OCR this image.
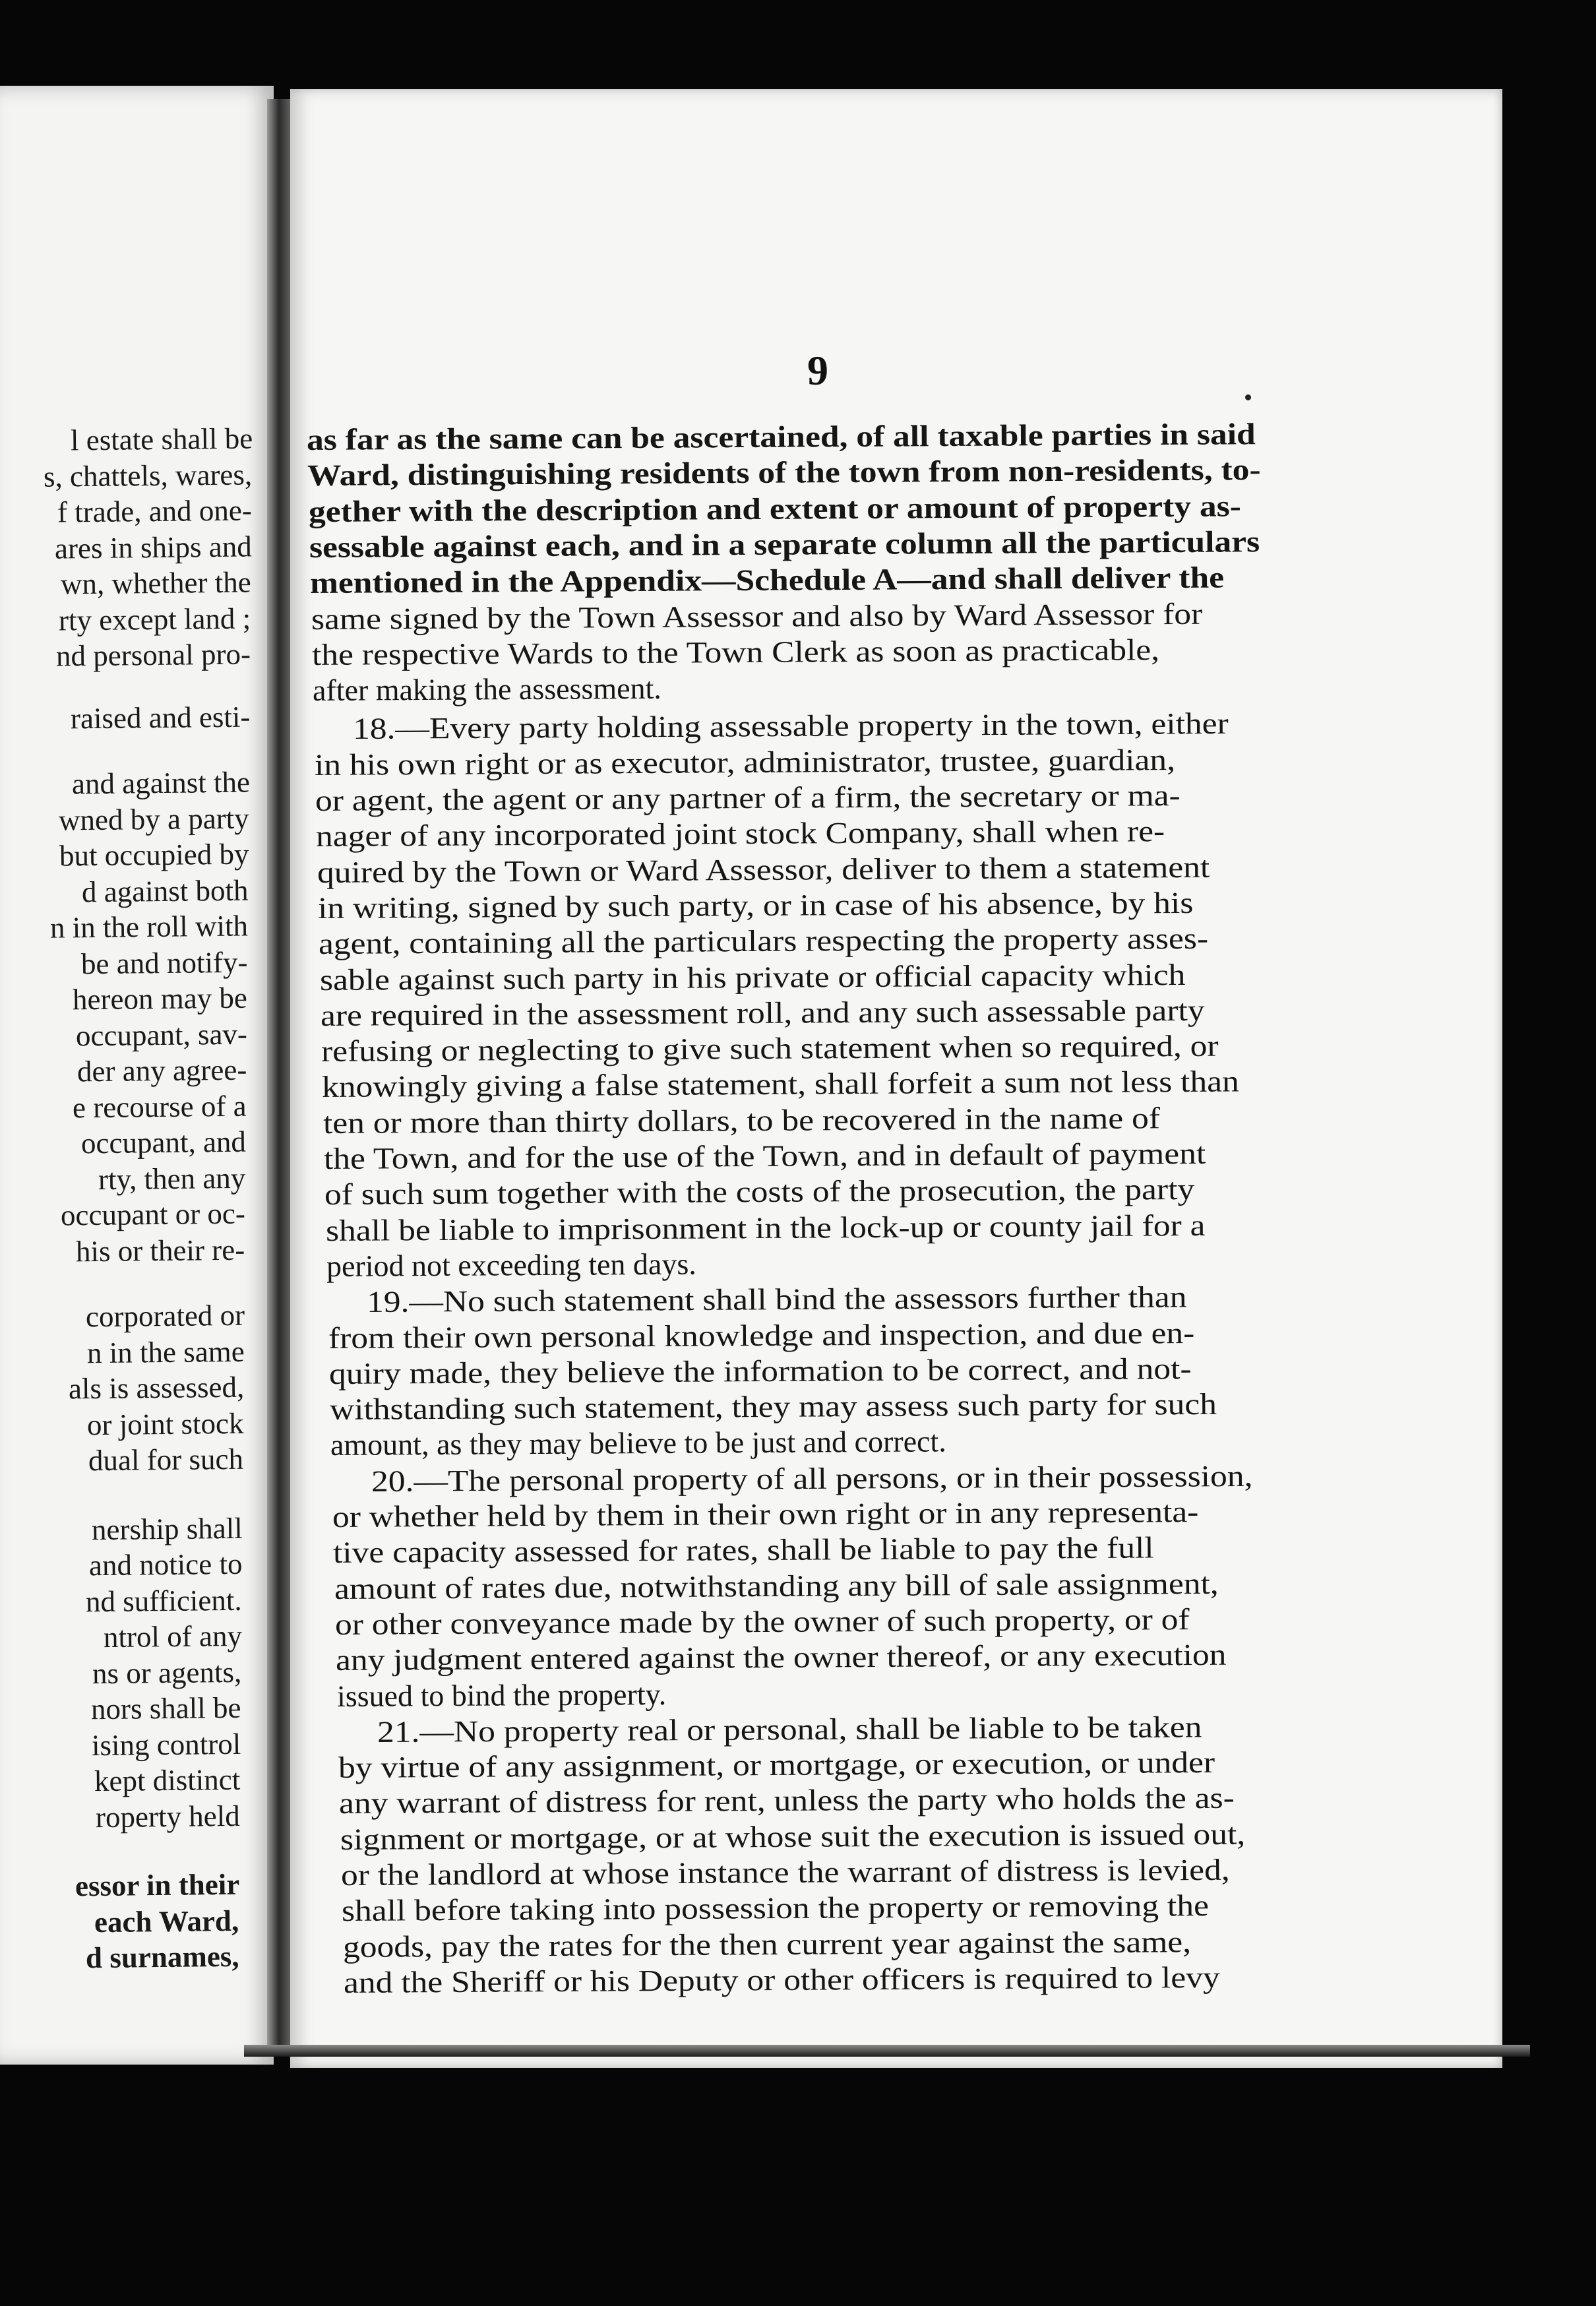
l estate shall be
s, chattels, wares,
f trade, and one-
ares in ships and
wn, whether the
rty except land ;
nd personal pro-
raised and esti-
and against the
wned by a party
but occupied by
d against both
n in the roll with
be and notify-
hereon may be
occupant, sav-
der any agree-
e recourse of a
occupant, and
rty, then any
occupant or oc-
his or their re-
corporated or
n in the same
als is assessed,
or joint stock
dual for such
nership shall
and notice to
nd sufficient.
ntrol of any
ns or agents,
nors shall be
ising control
kept distinct
roperty held
essor in their
each Ward,
d surnames,
9
as far as the same can be ascertained, of all taxable parties in said
Ward, distinguishing residents of the town from non-residents, to-
gether with the description and extent or amount of property as-
sessable against each, and in a separate column all the particulars
mentioned in the Appendix—Schedule A—and shall deliver the
same signed by the Town Assessor and also by Ward Assessor for
the respective Wards to the Town Clerk as soon as practicable,
after making the assessment.
18.—Every party holding assessable property in the town, either
in his own right or as executor, administrator, trustee, guardian,
or agent, the agent or any partner of a firm, the secretary or ma-
nager of any incorporated joint stock Company, shall when re-
quired by the Town or Ward Assessor, deliver to them a statement
in writing, signed by such party, or in case of his absence, by his
agent, containing all the particulars respecting the property asses-
sable against such party in his private or official capacity which
are required in the assessment roll, and any such assessable party
refusing or neglecting to give such statement when so required, or
knowingly giving a false statement, shall forfeit a sum not less than
ten or more than thirty dollars, to be recovered in the name of
the Town, and for the use of the Town, and in default of payment
of such sum together with the costs of the prosecution, the party
shall be liable to imprisonment in the lock-up or county jail for a
period not exceeding ten days.
19.—No such statement shall bind the assessors further than
from their own personal knowledge and inspection, and due en-
quiry made, they believe the information to be correct, and not-
withstanding such statement, they may assess such party for such
amount, as they may believe to be just and correct.
20.—The personal property of all persons, or in their possession,
or whether held by them in their own right or in any representa-
tive capacity assessed for rates, shall be liable to pay the full
amount of rates due, notwithstanding any bill of sale assignment,
or other conveyance made by the owner of such property, or of
any judgment entered against the owner thereof, or any execution
issued to bind the property.
21.—No property real or personal, shall be liable to be taken
by virtue of any assignment, or mortgage, or execution, or under
any warrant of distress for rent, unless the party who holds the as-
signment or mortgage, or at whose suit the execution is issued out,
or the landlord at whose instance the warrant of distress is levied,
shall before taking into possession the property or removing the
goods, pay the rates for the then current year against the same,
and the Sheriff or his Deputy or other officers is required to levy
